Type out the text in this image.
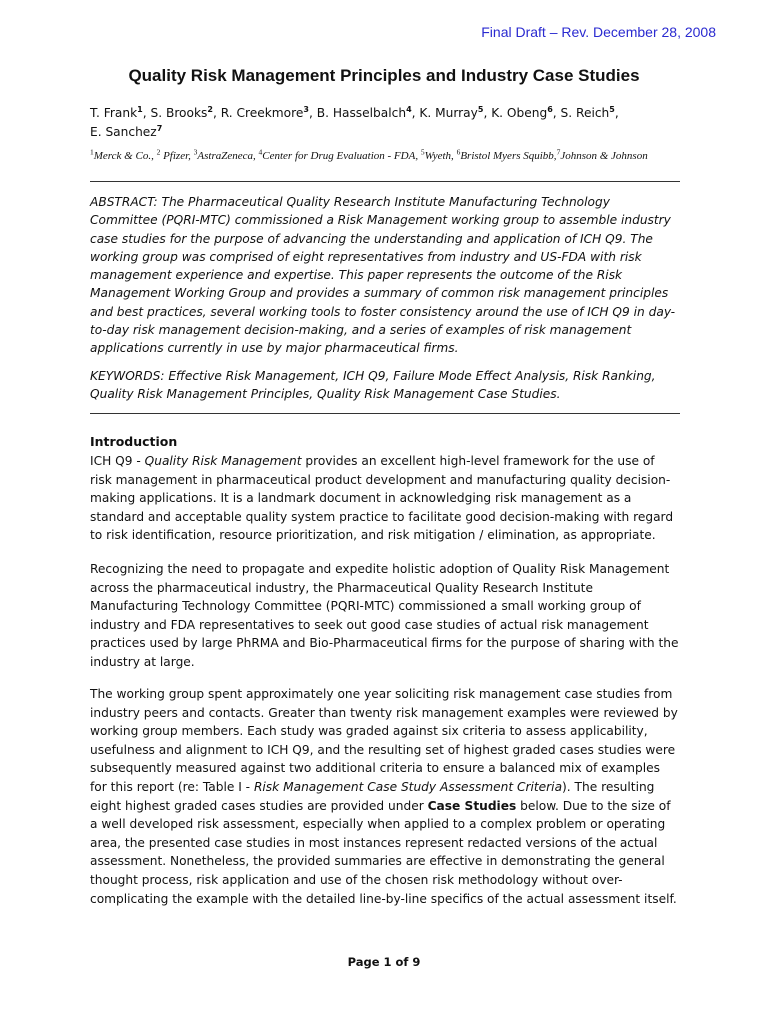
Final Draft – Rev. December 28, 2008
Quality Risk Management Principles and Industry Case Studies
T. Frank$^1$, S. Brooks$^2$, R. Creekmore$^3$, B. Hasselbalch$^4$, K. Murray$^5$, K. Obeng$^6$, S. Reich$^5$,
E. Sanchez$^7$
$^1$Merck & Co., $^2$ Pfizer, $^3$AstraZeneca, $^4$Center for Drug Evaluation - FDA, $^5$Wyeth, $^6$Bristol Myers Squibb,$^7$Johnson & Johnson

ABSTRACT: The Pharmaceutical Quality Research Institute Manufacturing Technology Committee (PQRI-MTC) commissioned a Risk Management working group to assemble industry case studies for the purpose of advancing the understanding and application of ICH Q9. The working group was comprised of eight representatives from industry and US-FDA with risk management experience and expertise. This paper represents the outcome of the Risk Management Working Group and provides a summary of common risk management principles and best practices, several working tools to foster consistency around the use of ICH Q9 in day-to-day risk management decision-making, and a series of examples of risk management applications currently in use by major pharmaceutical firms.

KEYWORDS: Effective Risk Management, ICH Q9, Failure Mode Effect Analysis, Risk Ranking, Quality Risk Management Principles, Quality Risk Management Case Studies.

Introduction

ICH Q9 - Quality Risk Management provides an excellent high-level framework for the use of risk management in pharmaceutical product development and manufacturing quality decision-making applications. It is a landmark document in acknowledging risk management as a standard and acceptable quality system practice to facilitate good decision-making with regard to risk identification, resource prioritization, and risk mitigation / elimination, as appropriate.

Recognizing the need to propagate and expedite holistic adoption of Quality Risk Management across the pharmaceutical industry, the Pharmaceutical Quality Research Institute Manufacturing Technology Committee (PQRI-MTC) commissioned a small working group of industry and FDA representatives to seek out good case studies of actual risk management practices used by large PhRMA and Bio-Pharmaceutical firms for the purpose of sharing with the industry at large.

The working group spent approximately one year soliciting risk management case studies from industry peers and contacts. Greater than twenty risk management examples were reviewed by working group members. Each study was graded against six criteria to assess applicability, usefulness and alignment to ICH Q9, and the resulting set of highest graded cases studies were subsequently measured against two additional criteria to ensure a balanced mix of examples for this report (re: Table I - Risk Management Case Study Assessment Criteria). The resulting eight highest graded cases studies are provided under Case Studies below. Due to the size of a well developed risk assessment, especially when applied to a complex problem or operating area, the presented case studies in most instances represent redacted versions of the actual assessment. Nonetheless, the provided summaries are effective in demonstrating the general thought process, risk application and use of the chosen risk methodology without over-complicating the example with the detailed line-by-line specifics of the actual assessment itself.

Page 1 of 9
